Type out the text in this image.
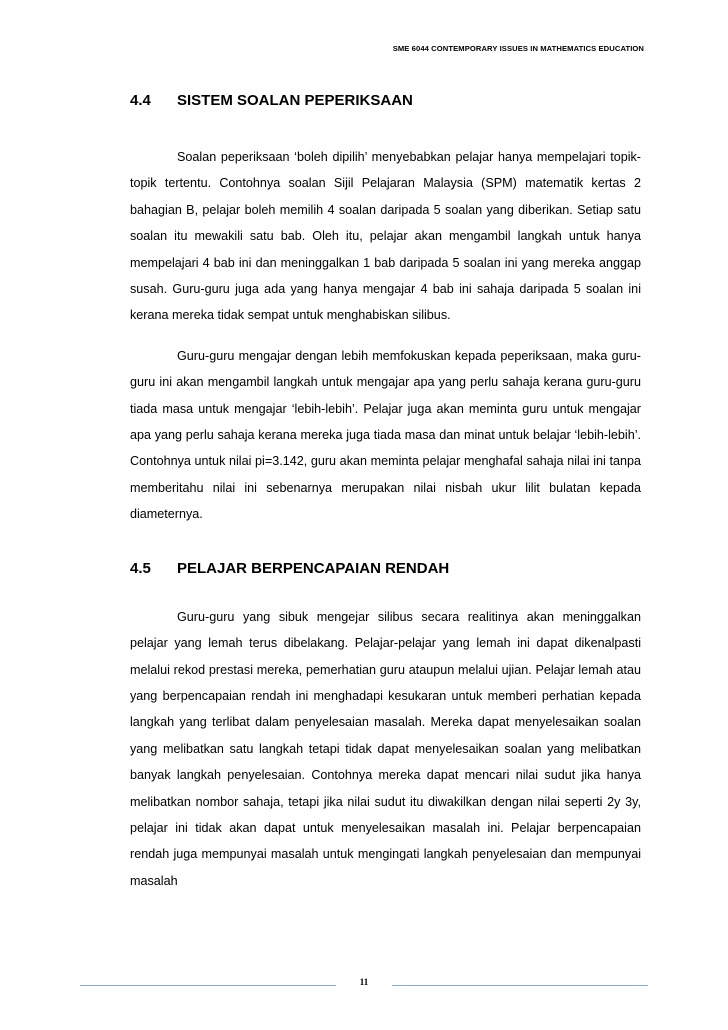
SME 6044 CONTEMPORARY ISSUES IN MATHEMATICS EDUCATION
4.4 SISTEM SOALAN PEPERIKSAAN

Soalan peperiksaan ‘boleh dipilih’ menyebabkan pelajar hanya mempelajari topik-topik tertentu. Contohnya soalan Sijil Pelajaran Malaysia (SPM) matematik kertas 2 bahagian B, pelajar boleh memilih 4 soalan daripada 5 soalan yang diberikan. Setiap satu soalan itu mewakili satu bab. Oleh itu, pelajar akan mengambil langkah untuk hanya mempelajari 4 bab ini dan meninggalkan 1 bab daripada 5 soalan ini yang mereka anggap susah. Guru-guru juga ada yang hanya mengajar 4 bab ini sahaja daripada 5 soalan ini kerana mereka tidak sempat untuk menghabiskan silibus.

Guru-guru mengajar dengan lebih memfokuskan kepada peperiksaan, maka guru-guru ini akan mengambil langkah untuk mengajar apa yang perlu sahaja kerana guru-guru tiada masa untuk mengajar ‘lebih-lebih’. Pelajar juga akan meminta guru untuk mengajar apa yang perlu sahaja kerana mereka juga tiada masa dan minat untuk belajar ‘lebih-lebih’. Contohnya untuk nilai pi=3.142, guru akan meminta pelajar menghafal sahaja nilai ini tanpa memberitahu nilai ini sebenarnya merupakan nilai nisbah ukur lilit bulatan kepada diameternya.

4.5 PELAJAR BERPENCAPAIAN RENDAH

Guru-guru yang sibuk mengejar silibus secara realitinya akan meninggalkan pelajar yang lemah terus dibelakang. Pelajar-pelajar yang lemah ini dapat dikenalpasti melalui rekod prestasi mereka, pemerhatian guru ataupun melalui ujian. Pelajar lemah atau yang berpencapaian rendah ini menghadapi kesukaran untuk memberi perhatian kepada langkah yang terlibat dalam penyelesaian masalah. Mereka dapat menyelesaikan soalan yang melibatkan satu langkah tetapi tidak dapat menyelesaikan soalan yang melibatkan banyak langkah penyelesaian. Contohnya mereka dapat mencari nilai sudut jika hanya melibatkan nombor sahaja, tetapi jika nilai sudut itu diwakilkan dengan nilai seperti 2y 3y, pelajar ini tidak akan dapat untuk menyelesaikan masalah ini. Pelajar berpencapaian rendah juga mempunyai masalah untuk mengingati langkah penyelesaian dan mempunyai masalah

11
